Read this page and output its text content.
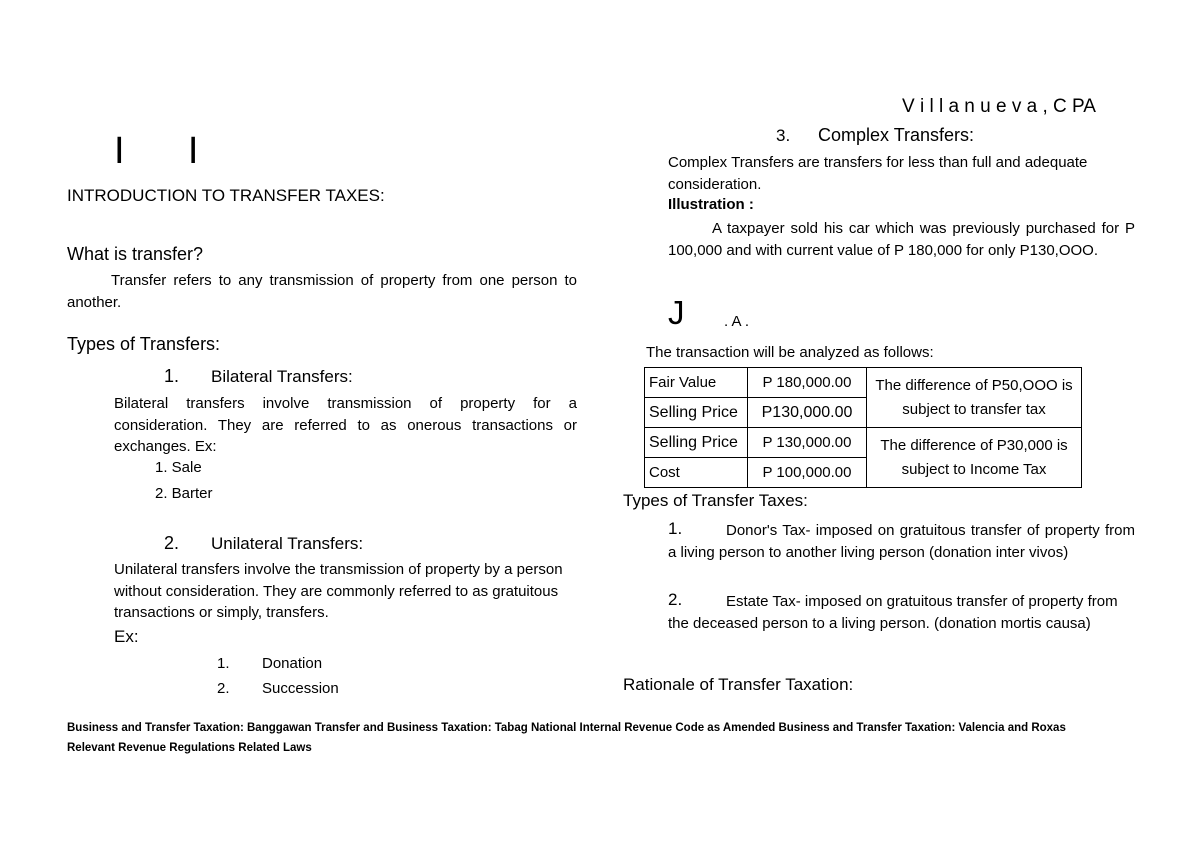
V i l l a n u e v a , C PA
I      I
INTRODUCTION TO TRANSFER TAXES:
What is transfer?
Transfer refers to any transmission of property from one person to another.
Types of Transfers:
1. Bilateral Transfers:
Bilateral transfers involve transmission of property for a consideration. They are referred to as onerous transactions or exchanges. Ex:
1. Sale
2. Barter
2. Unilateral Transfers:
Unilateral transfers involve the transmission of property by a person without consideration. They are commonly referred to as gratuitous transactions or simply, transfers.
Ex:
1. Donation
2. Succession
3. Complex Transfers:
Complex Transfers are transfers for less than full and adequate consideration.
Illustration :
A taxpayer sold his car which was previously purchased for P 100,000 and with current value of P 180,000 for only P130,OOO.
J	. A .
The transaction will be analyzed as follows:
Fair Value	P 180,000.00	The difference of P50,OOO is subject to transfer tax
Selling Price	P130,000.00	
Selling Price	P 130,000.00	The difference of P30,000 is subject to Income Tax
Cost	P 100,000.00	
Types of Transfer Taxes:
1.	Donor's Tax- imposed on gratuitous transfer of property from a living person to another living person (donation inter vivos)
2.	Estate Tax- imposed on gratuitous transfer of property from the deceased person to a living person. (donation mortis causa)
Rationale of Transfer Taxation:
Business and Transfer Taxation: Banggawan Transfer and Business Taxation: Tabag National Internal Revenue Code as Amended Business and Transfer Taxation: Valencia and Roxas
Relevant Revenue Regulations Related Laws
